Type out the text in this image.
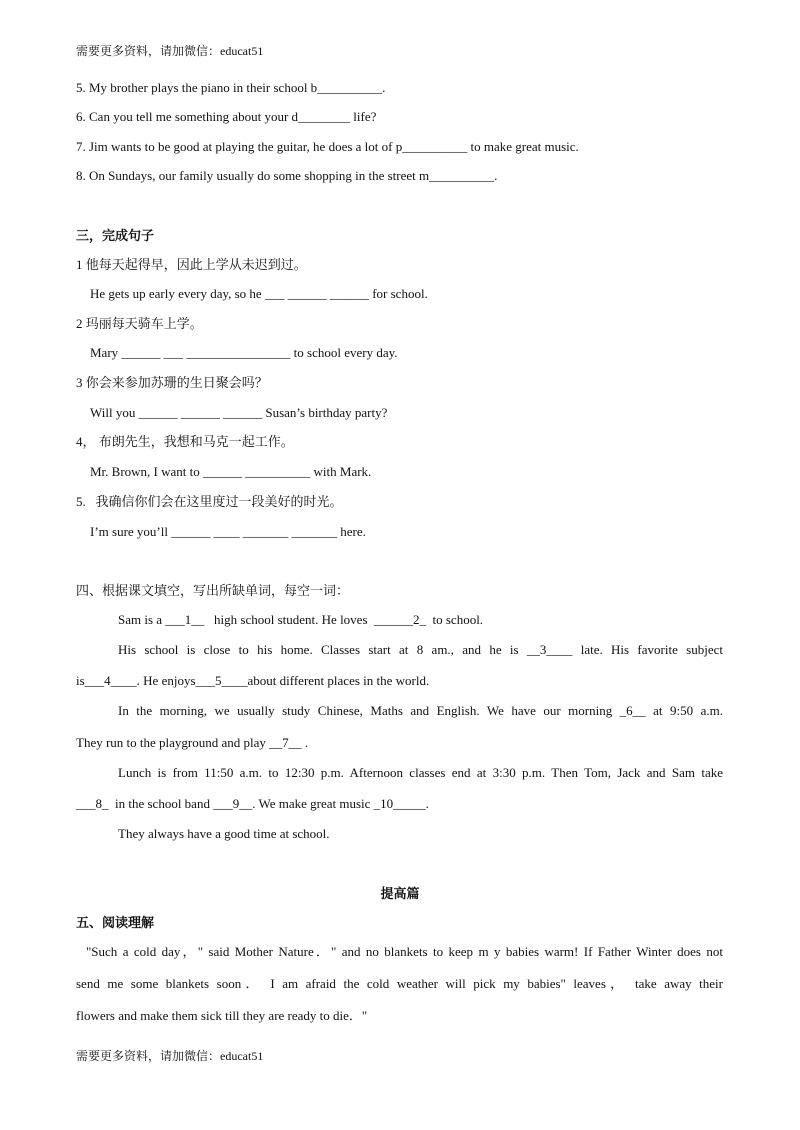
需要更多资料，请加微信：educat51
5. My brother plays the piano in their school b__________.
6. Can you tell me something about your d________ life?
7. Jim wants to be good at playing the guitar, he does a lot of p__________ to make great music.
8. On Sundays, our family usually do some shopping in the street m__________.
三，完成句子
1 他每天起得早，因此上学从未迟到过。
He gets up early every day, so he ___ ______ ______ for school.
2 玛丽每天骑车上学。
Mary ______ ___ ________________ to school every day.
3 你会来参加苏珊的生日聚会吗？
Will you ______ ______ ______ Susan’s birthday party?
4， 布朗先生，我想和马克一起工作。
Mr. Brown, I want to ______ __________ with Mark.
5.   我确信你们会在这里度过一段美好的时光。
I’m sure you’ll ______ ____ _______ _______ here.
四、根据课文填空，写出所缺单词，每空一词：
Sam is a ___1__   high school student. He loves  ______2_  to school.
His school is close to his home. Classes start at 8 am., and he is __3____ late. His favorite subject
is___4____. He enjoys___5____about different places in the world.
In the morning, we usually study Chinese, Maths and English. We have our morning _6__ at 9:50 a.m.
They run to the playground and play __7__ .
Lunch is from 11:50 a.m. to 12:30 p.m. Afternoon classes end at 3:30 p.m. Then Tom, Jack and Sam take
___8_  in the school band ___9__. We make great music _10_____.
They always have a good time at school.
提高篇
五、阅读理解
"Such a cold day，" said Mother Nature．" and no blankets to keep m y babies warm! If Father Winter does not
send me some blankets soon． I am afraid the cold weather will pick my babies" leaves， take away their
flowers and make them sick till they are ready to die．"
需要更多资料，请加微信：educat51
